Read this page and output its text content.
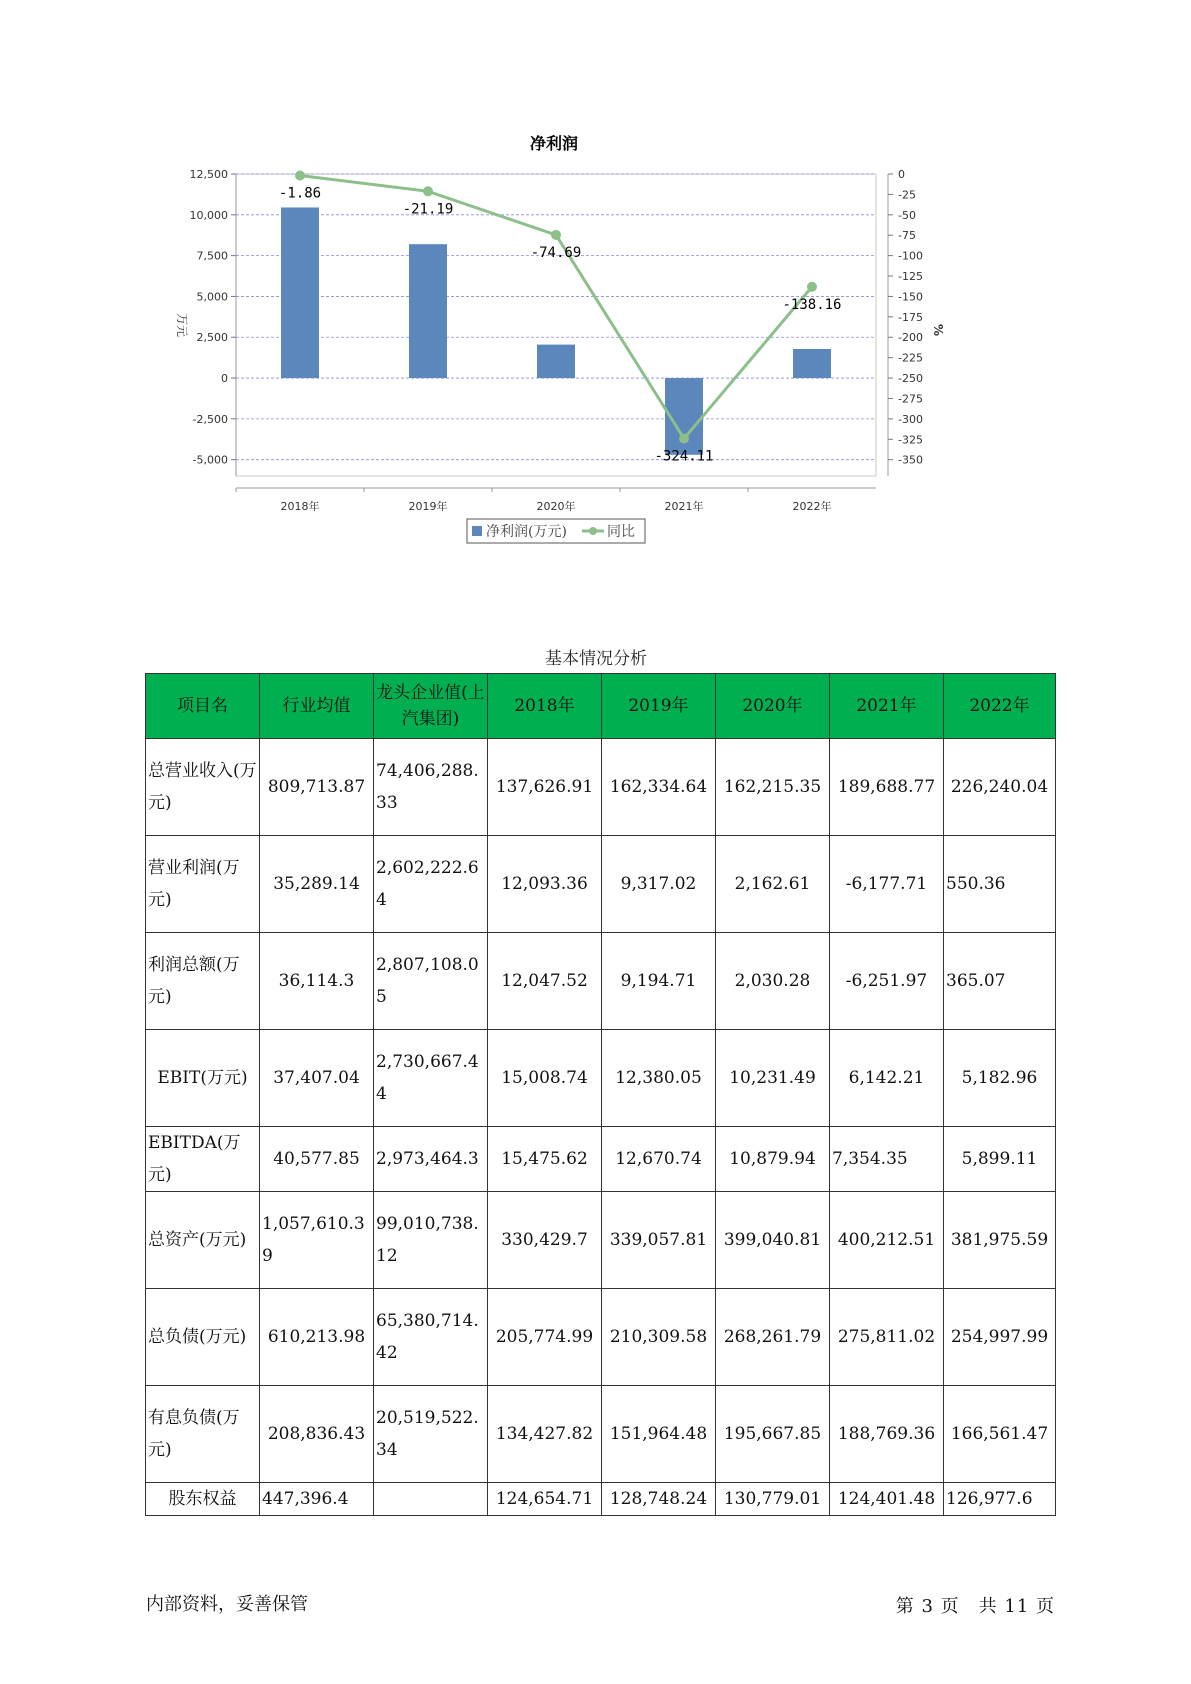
净利润
12,500
10,000
7,500
5,000
2,500
0
-2,500
-5,000
0
-25
-50
-75
-100
-125
-150
-175
-200
-225
-250
-275
-300
-325
-350
万元	%
2018年	2019年	2020年	2021年	2022年
-1.86
-21.19
-74.69
-324.11
-138.16
净利润(万元)	同比
基本情况分析
项目名	行业均值	龙头企业值(上汽集团)	2018年	2019年	2020年	2021年	2022年
总营业收入(万元)	809,713.87	74,406,288.33	137,626.91	162,334.64	162,215.35	189,688.77	226,240.04
营业利润(万元)	35,289.14	2,602,222.64	12,093.36	9,317.02	2,162.61	-6,177.71	550.36
利润总额(万元)	36,114.3	2,807,108.05	12,047.52	9,194.71	2,030.28	-6,251.97	365.07
EBIT(万元)	37,407.04	2,730,667.44	15,008.74	12,380.05	10,231.49	6,142.21	5,182.96
EBITDA(万元)	40,577.85	2,973,464.3	15,475.62	12,670.74	10,879.94	7,354.35	5,899.11
总资产(万元)	1,057,610.39	99,010,738.12	330,429.7	339,057.81	399,040.81	400,212.51	381,975.59
总负债(万元)	610,213.98	65,380,714.42	205,774.99	210,309.58	268,261.79	275,811.02	254,997.99
有息负债(万元)	208,836.43	20,519,522.34	134,427.82	151,964.48	195,667.85	188,769.36	166,561.47
股东权益	447,396.4		124,654.71	128,748.24	130,779.01	124,401.48	126,977.6
内部资料，妥善保管	第 3 页　共 11 页
